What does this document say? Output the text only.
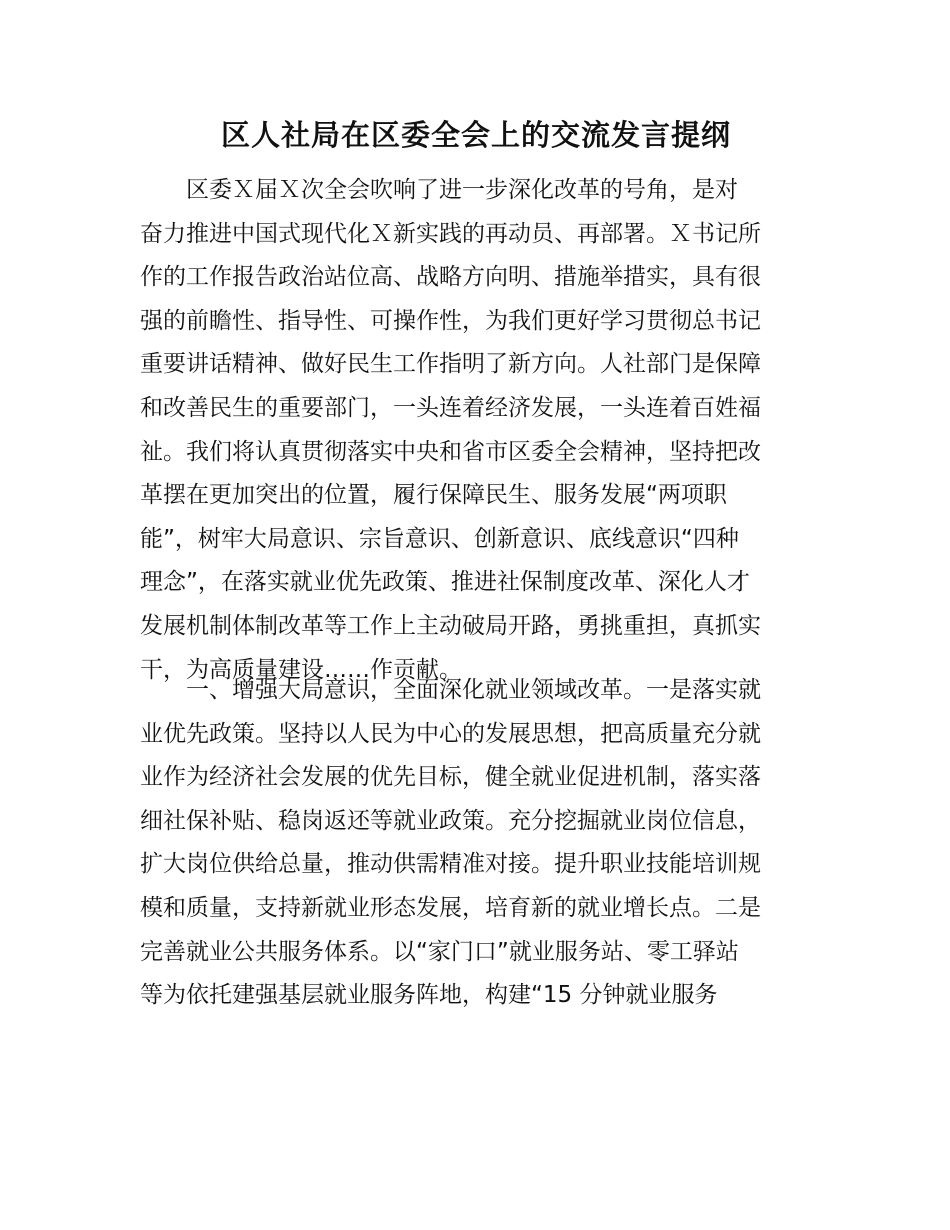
区人社局在区委全会上的交流发言提纲
　　区委Ｘ届Ｘ次全会吹响了进一步深化改革的号角，是对
奋力推进中国式现代化Ｘ新实践的再动员、再部署。Ｘ书记所
作的工作报告政治站位高、战略方向明、措施举措实，具有很
强的前瞻性、指导性、可操作性，为我们更好学习贯彻总书记
重要讲话精神、做好民生工作指明了新方向。人社部门是保障
和改善民生的重要部门，一头连着经济发展，一头连着百姓福
祉。我们将认真贯彻落实中央和省市区委全会精神，坚持把改
革摆在更加突出的位置，履行保障民生、服务发展“两项职
能”，树牢大局意识、宗旨意识、创新意识、底线意识“四种
理念”，在落实就业优先政策、推进社保制度改革、深化人才
发展机制体制改革等工作上主动破局开路，勇挑重担，真抓实
干，为高质量建设……作贡献。
　　一、增强大局意识，全面深化就业领域改革。一是落实就
业优先政策。坚持以人民为中心的发展思想，把高质量充分就
业作为经济社会发展的优先目标，健全就业促进机制，落实落
细社保补贴、稳岗返还等就业政策。充分挖掘就业岗位信息，
扩大岗位供给总量，推动供需精准对接。提升职业技能培训规
模和质量，支持新就业形态发展，培育新的就业增长点。二是
完善就业公共服务体系。以“家门口”就业服务站、零工驿站
等为依托建强基层就业服务阵地，构建“15 分钟就业服务
